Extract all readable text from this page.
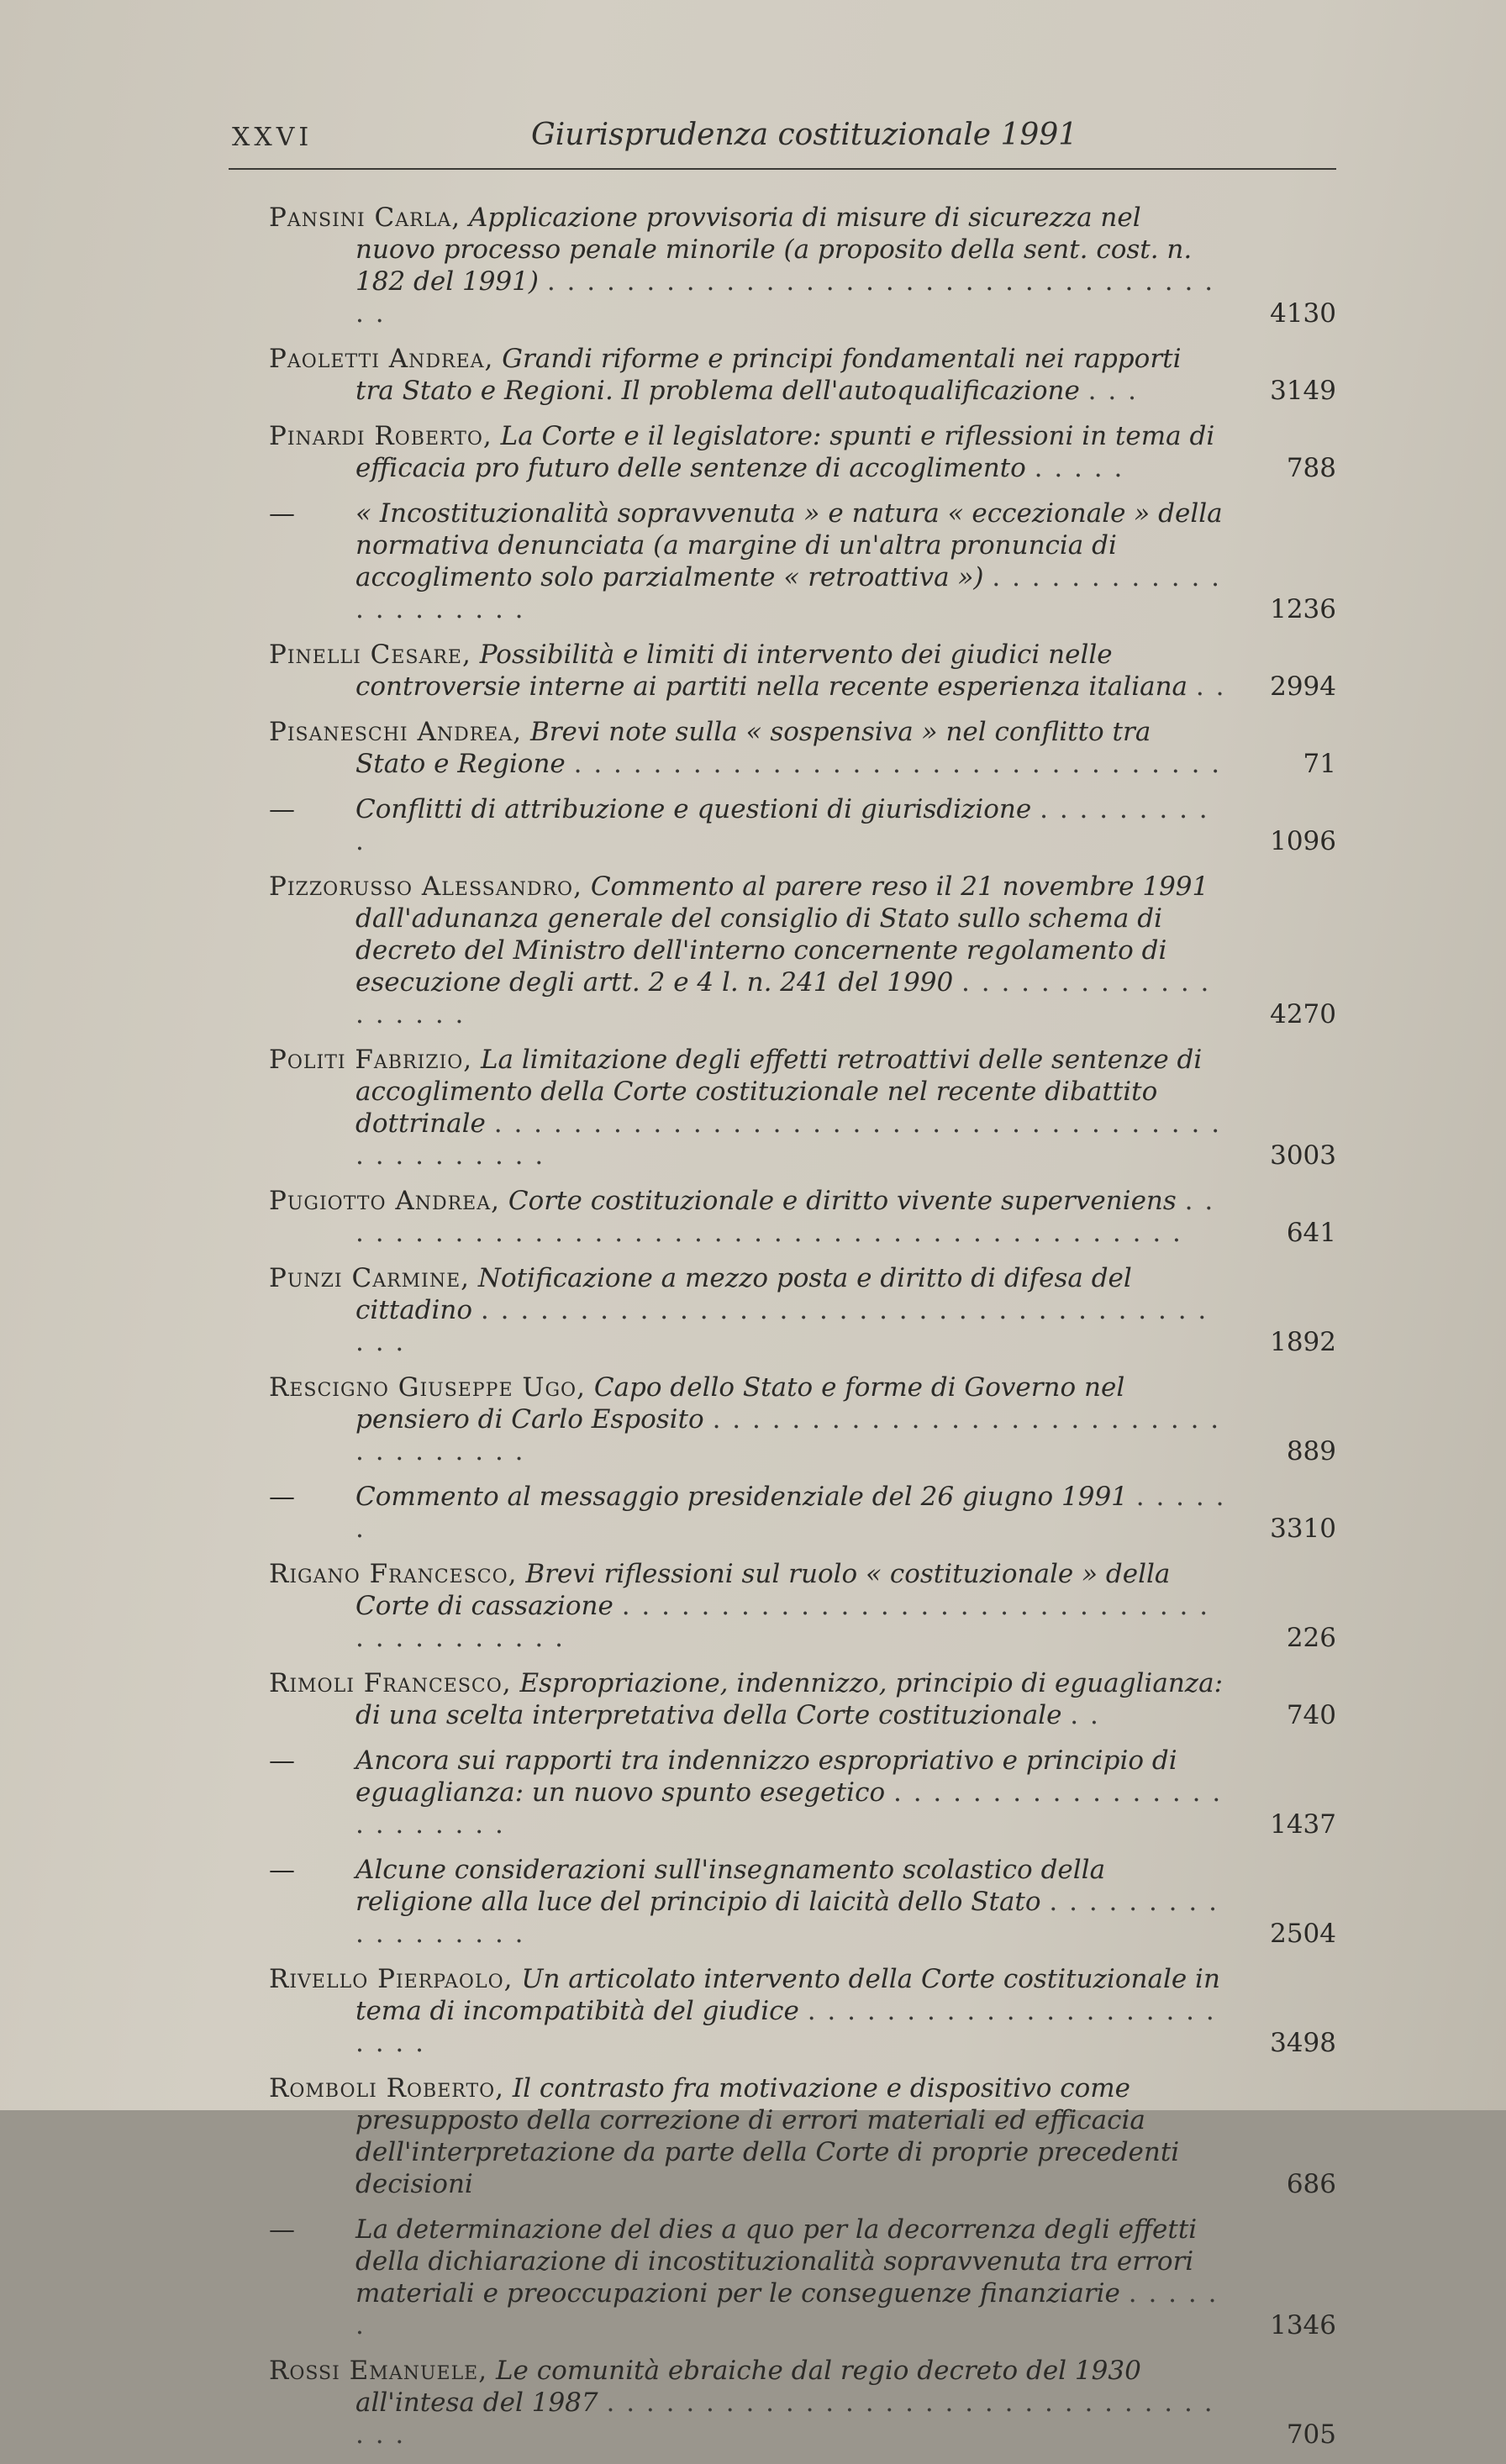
XXVI	Giurisprudenza costituzionale 1991
Pansini Carla, Applicazione provvisoria di misure di sicurezza nel nuovo processo penale minorile (a proposito della sent. cost. n. 182 del 1991) . . . . . . . . . . . . . . . . . . . . . . . . . . . . . . . . . . . .	4130
Paoletti Andrea, Grandi riforme e principi fondamentali nei rapporti tra Stato e Regioni. Il problema dell'autoqualificazione . . .	3149
Pinardi Roberto, La Corte e il legislatore: spunti e riflessioni in tema di efficacia pro futuro delle sentenze di accoglimento . . . . .	788
— « Incostituzionalità sopravvenuta » e natura « eccezionale » della normativa denunciata (a margine di un'altra pronuncia di accoglimento solo parzialmente « retroattiva ») . . . . . . . . . . . . . . . . . . . . .	1236
Pinelli Cesare, Possibilità e limiti di intervento dei giudici nelle controversie interne ai partiti nella recente esperienza italiana . .	2994
Pisaneschi Andrea, Brevi note sulla « sospensiva » nel conflitto tra Stato e Regione . . . . . . . . . . . . . . . . . . . . . . . . . . . . . . . . .	71
— Conflitti di attribuzione e questioni di giurisdizione . . . . . . . . . .	1096
Pizzorusso Alessandro, Commento al parere reso il 21 novembre 1991 dall'adunanza generale del consiglio di Stato sullo schema di decreto del Ministro dell'interno concernente regolamento di esecuzione degli artt. 2 e 4 l. n. 241 del 1990 . . . . . . . . . . . . . . . . . . .	4270
Politi Fabrizio, La limitazione degli effetti retroattivi delle sentenze di accoglimento della Corte costituzionale nel recente dibattito dottrinale . . . . . . . . . . . . . . . . . . . . . . . . . . . . . . . . . . . . . . . . . . . . . . .	3003
Pugiotto Andrea, Corte costituzionale e diritto vivente superveniens . . . . . . . . . . . . . . . . . . . . . . . . . . . . . . . . . . . . . . . . . . . .	641
Punzi Carmine, Notificazione a mezzo posta e diritto di difesa del cittadino . . . . . . . . . . . . . . . . . . . . . . . . . . . . . . . . . . . . . . . .	1892
Rescigno Giuseppe Ugo, Capo dello Stato e forme di Governo nel pensiero di Carlo Esposito . . . . . . . . . . . . . . . . . . . . . . . . . . . . . . . . . . .	889
— Commento al messaggio presidenziale del 26 giugno 1991 . . . . . .	3310
Rigano Francesco, Brevi riflessioni sul ruolo « costituzionale » della Corte di cassazione . . . . . . . . . . . . . . . . . . . . . . . . . . . . . . . . . . . . . . . . .	226
Rimoli Francesco, Espropriazione, indennizzo, principio di eguaglianza: di una scelta interpretativa della Corte costituzionale . .	740
— Ancora sui rapporti tra indennizzo espropriativo e principio di eguaglianza: un nuovo spunto esegetico . . . . . . . . . . . . . . . . . . . . . . . . .	1437
— Alcune considerazioni sull'insegnamento scolastico della religione alla luce del principio di laicità dello Stato . . . . . . . . . . . . . . . . . .	2504
Rivello Pierpaolo, Un articolato intervento della Corte costituzionale in tema di incompatibità del giudice . . . . . . . . . . . . . . . . . . . . . . . . .	3498
Romboli Roberto, Il contrasto fra motivazione e dispositivo come presupposto della correzione di errori materiali ed efficacia dell'interpretazione da parte della Corte di proprie precedenti decisioni	686
— La determinazione del dies a quo per la decorrenza degli effetti della dichiarazione di incostituzionalità sopravvenuta tra errori materiali e preoccupazioni per le conseguenze finanziarie . . . . . .	1346
Rossi Emanuele, Le comunità ebraiche dal regio decreto del 1930 all'intesa del 1987 . . . . . . . . . . . . . . . . . . . . . . . . . . . . . . . . . .	705
